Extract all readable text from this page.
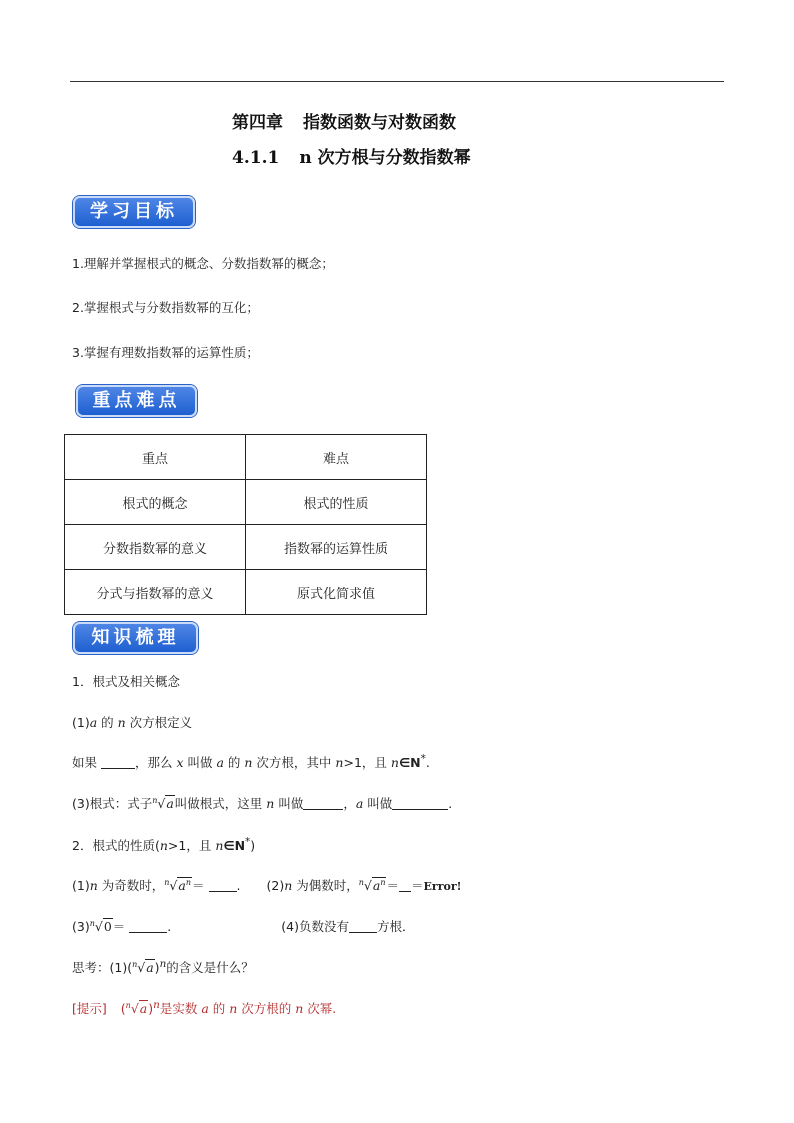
第四章 指数函数与对数函数
4.1.1 n 次方根与分数指数幂
学习目标
1.理解并掌握根式的概念、分数指数幂的概念；
2.掌握根式与分数指数幂的互化；
3.掌握有理数指数幂的运算性质；
重点难点
重点	难点
根式的概念	根式的性质
分数指数幂的意义	指数幂的运算性质
分式与指数幂的意义	原式化简求值
知识梳理
1．根式及相关概念
(1)a 的 n 次方根定义
如果	，那么 x 叫做 a 的 n 次方根，其中 n>1，且 n∈N*.
(3)根式：式子$^n$√a叫做根式，这里 n 叫做	，a 叫做	.
2．根式的性质(n>1，且 n∈N*)
(1)n 为奇数时，$^n√a^n=$	. (2)n 为偶数时，$^n√a^n=$ ＝Error!
$(3)^n√0=$	.	(4)负数没有 方根．
思考：$(1)(^n√a)^n$的含义是什么？
[提示] $(^n√a)^n$是实数 a 的 n 次方根的 n 次幂.
